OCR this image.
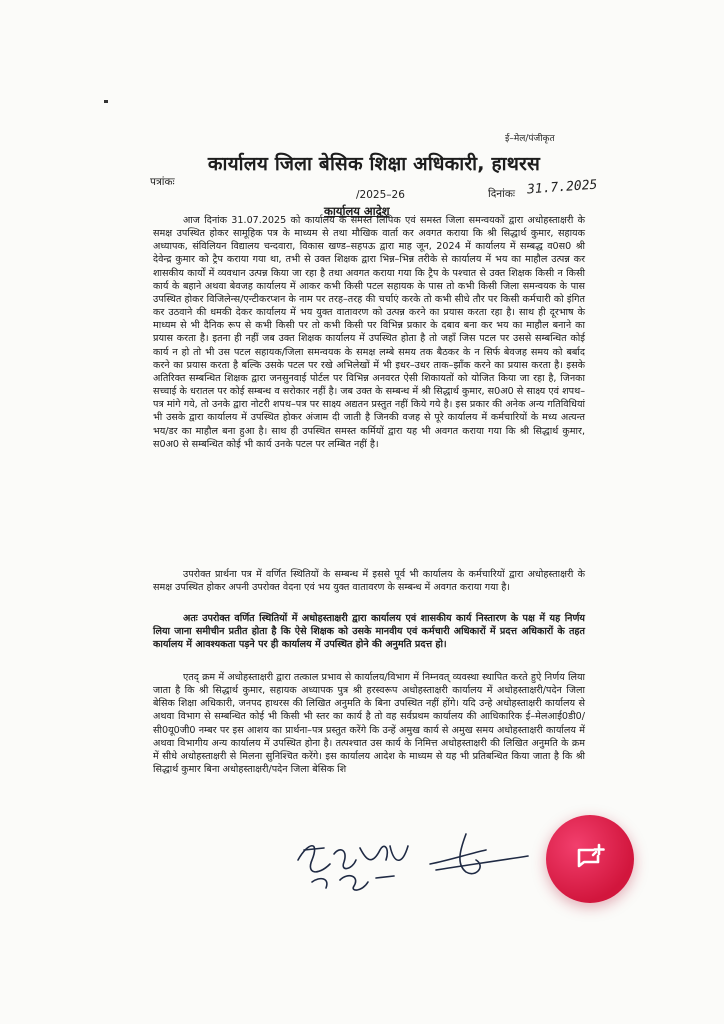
ई–मेल/पंजीकृत
कार्यालय जिला बेसिक शिक्षा अधिकारी, हाथरस
पत्रांकः
/2025–26	दिनांकः 31.7.2025
कार्यालय आदेश
आज दिनांक 31.07.2025 को कार्यालय के समस्त लिपिक एवं समस्त जिला समन्वयकों द्वारा अधोहस्ताक्षरी के समक्ष उपस्थित होकर सामूहिक पत्र के माध्यम से तथा मौखिक वार्ता कर अवगत कराया कि श्री सिद्धार्थ कुमार, सहायक अध्यापक, संविलियन विद्यालय चन्दवारा, विकास खण्ड–सहपऊ द्वारा माह जून, 2024 में कार्यालय में सम्बद्ध व0स0 श्री देवेन्द्र कुमार को ट्रैप कराया गया था, तभी से उक्त शिक्षक द्वारा भिन्न–भिन्न तरीके से कार्यालय में भय का माहौल उत्पन्न कर शासकीय कार्यों में व्यवधान उत्पन्न किया जा रहा है तथा अवगत कराया गया कि ट्रैप के पश्चात से उक्त शिक्षक किसी न किसी कार्य के बहाने अथवा बेवजह कार्यालय में आकर कभी किसी पटल सहायक के पास तो कभी किसी जिला समन्वयक के पास उपस्थित होकर विजिलेन्स/एन्टीकरप्शन के नाम पर तरह–तरह की चर्चाएं करके तो कभी सीधे तौर पर किसी कर्मचारी को इंगित कर उठवाने की धमकी देकर कार्यालय में भय युक्त वातावरण को उत्पन्न करने का प्रयास करता रहा है। साथ ही दूरभाष के माध्यम से भी दैनिक रूप से कभी किसी पर तो कभी किसी पर विभिन्न प्रकार के दबाव बना कर भय का माहौल बनाने का प्रयास करता है। इतना ही नहीं जब उक्त शिक्षक कार्यालय में उपस्थित होता है तो जहाँ जिस पटल पर उससे सम्बन्धित कोई कार्य न हो तो भी उस पटल सहायक/जिला समन्वयक के समक्ष लम्बे समय तक बैठकर के न सिर्फ बेवजह समय को बर्बाद करने का प्रयास करता है बल्कि उसके पटल पर रखे अभिलेखों में भी इधर–उधर ताक–झाँक करने का प्रयास करता है। इसके अतिरिक्त सम्बन्धित शिक्षक द्वारा जनसुनवाई पोर्टल पर विभिन्न अनवरत ऐसी शिकायतों को योजित किया जा रहा है, जिनका सच्चाई के धरातल पर कोई सम्बन्ध व सरोकार नहीं है। जब उक्त के सम्बन्ध में श्री सिद्धार्थ कुमार, स0अ0 से साक्ष्य एवं शपथ–पत्र मांगे गये, तो उनके द्वारा नोटरी शपथ–पत्र पर साक्ष्य अद्यतन प्रस्तुत नहीं किये गये है। इस प्रकार की अनेक अन्य गतिविधियां भी उसके द्वारा कार्यालय में उपस्थित होकर अंजाम दी जाती है जिनकी वजह से पूरे कार्यालय में कर्मचारियों के मध्य अत्यन्त भय/डर का माहौल बना हुआ है। साथ ही उपस्थित समस्त कर्मियों द्वारा यह भी अवगत कराया गया कि श्री सिद्धार्थ कुमार, स0अ0 से सम्बन्धित कोई भी कार्य उनके पटल पर लम्बित नहीं है।
उपरोक्त प्रार्थना पत्र में वर्णित स्थितियों के सम्बन्ध में इससे पूर्व भी कार्यालय के कर्मचारियों द्वारा अधोहस्ताक्षरी के समक्ष उपस्थित होकर अपनी उपरोक्त वेदना एवं भय युक्त वातावरण के सम्बन्ध में अवगत कराया गया है।
अतः उपरोक्त वर्णित स्थितियों में अधोहस्ताक्षरी द्वारा कार्यालय एवं शासकीय कार्य निस्तारण के पक्ष में यह निर्णय लिया जाना समीचीन प्रतीत होता है कि ऐसे शिक्षक को उसके मानवीय एवं कर्मचारी अधिकारों में प्रदत्त अधिकारों के तहत कार्यालय में आवश्यकता पड़ने पर ही कार्यालय में उपस्थित होने की अनुमति प्रदत्त हो।
एतद् क्रम में अधोहस्ताक्षरी द्वारा तत्काल प्रभाव से कार्यालय/विभाग में निम्नवत् व्यवस्था स्थापित करते हुऐ निर्णय लिया जाता है कि श्री सिद्धार्थ कुमार, सहायक अध्यापक पुत्र श्री हरस्वरूप अधोहस्ताक्षरी कार्यालय में अधोहस्ताक्षरी/पदेन जिला बेसिक शिक्षा अधिकारी, जनपद हाथरस की लिखित अनुमति के बिना उपस्थित नहीं होंगे। यदि उन्हे अधोहस्ताक्षरी कार्यालय से अथवा विभाग से सम्बन्धित कोई भी किसी भी स्तर का कार्य है तो वह सर्वप्रथम कार्यालय की आधिकारिक ई–मेलआई0डी0/सी0यू0जी0 नम्बर पर इस आशय का प्रार्थना–पत्र प्रस्तुत करेंगे कि उन्हें अमुख कार्य से अमुख समय अधोहस्ताक्षरी कार्यालय में अथवा विभागीय अन्य कार्यालय में उपस्थित होना है। तत्पश्चात उस कार्य के निमित्त अधोहस्ताक्षरी की लिखित अनुमति के क्रम में सीधे अधोहस्ताक्षरी से मिलना सुनिश्चित करेंगे। इस कार्यालय आदेश के माध्यम से यह भी प्रतिबन्धित किया जाता है कि श्री सिद्धार्थ कुमार बिना अधोहस्ताक्षरी/पदेन जिला बेसिक शि
